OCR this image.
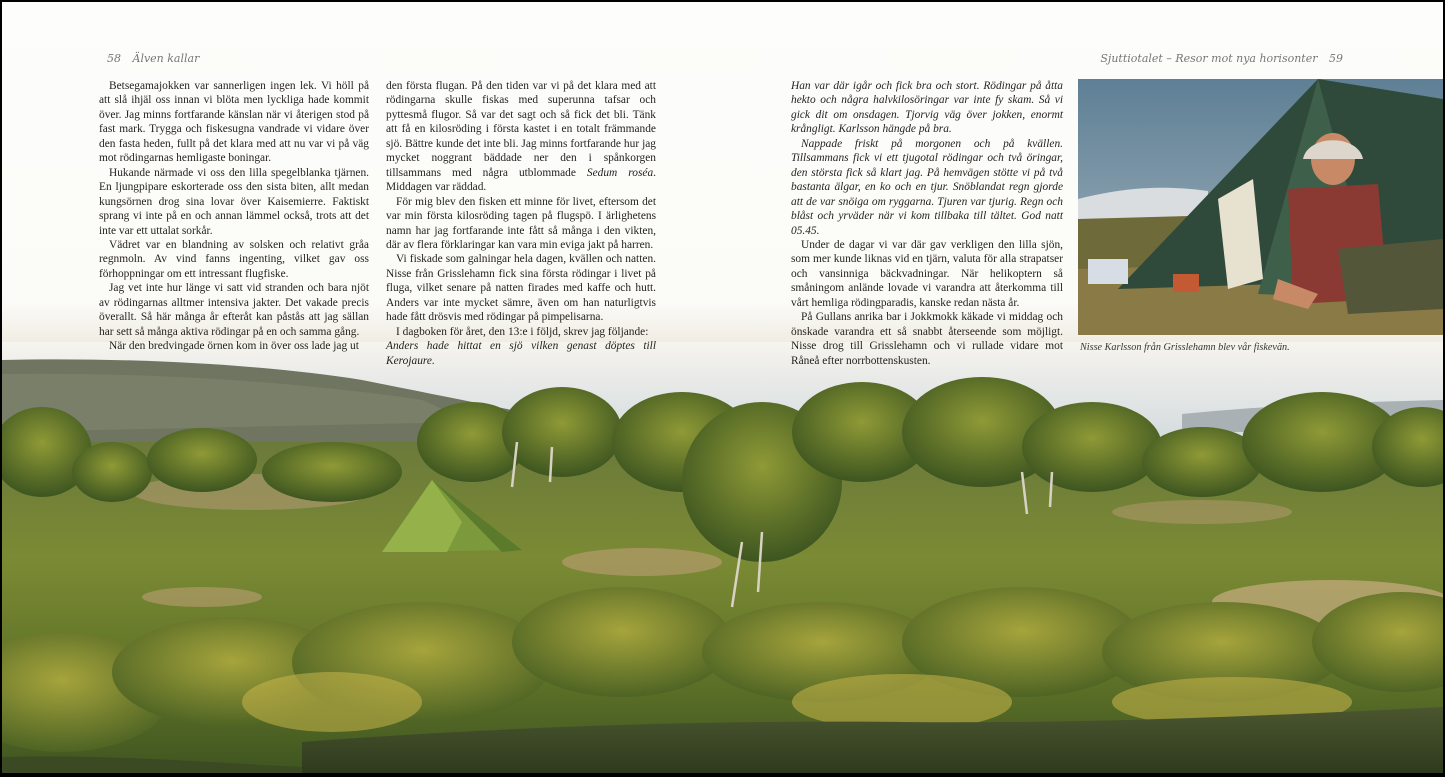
58 Älven kallar	Sjuttiotalet – Resor mot nya horisonter 59

Betsegamajokken var sannerligen ingen lek. Vi höll på att slå ihjäl oss innan vi blöta men lyckliga hade kommit över. Jag minns fortfarande känslan när vi återigen stod på fast mark. Trygga och fiskesugna vandrade vi vidare över den fasta heden, fullt på det klara med att nu var vi på väg mot rödingarnas hemligaste boningar.

Hukande närmade vi oss den lilla spegelblanka tjärnen. En ljungpipare eskorterade oss den sista biten, allt medan kungsörnen drog sina lovar över Kaisemierre. Faktiskt sprang vi inte på en och annan lämmel också, trots att det inte var ett uttalat sorkår.

Vädret var en blandning av solsken och relativt gråa regnmoln. Av vind fanns ingenting, vilket gav oss förhoppningar om ett intressant flugfiske.

Jag vet inte hur länge vi satt vid stranden och bara njöt av rödingarnas alltmer intensiva jakter. Det vakade precis överallt. Så här många år efteråt kan påstås att jag sällan har sett så många aktiva rödingar på en och samma gång.

När den bredvingade örnen kom in över oss lade jag ut

den första flugan. På den tiden var vi på det klara med att rödingarna skulle fiskas med superunna tafsar och pyttesmå flugor. Så var det sagt och så fick det bli. Tänk att få en kilosröding i första kastet i en totalt främmande sjö. Bättre kunde det inte bli. Jag minns fortfarande hur jag mycket noggrant bäddade ner den i spånkorgen tillsammans med några utblommade Sedum roséa. Middagen var räddad.

För mig blev den fisken ett minne för livet, eftersom det var min första kilosröding tagen på flugspö. I ärlighetens namn har jag fortfarande inte fått så många i den vikten, där av flera förklaringar kan vara min eviga jakt på harren.

Vi fiskade som galningar hela dagen, kvällen och natten. Nisse från Grisslehamn fick sina första rödingar i livet på fluga, vilket senare på natten firades med kaffe och hutt. Anders var inte mycket sämre, även om han naturligtvis hade fått drösvis med rödingar på pimpelisarna.

I dagboken för året, den 13:e i följd, skrev jag följande:

Anders hade hittat en sjö vilken genast döptes till Kerojaure.

Han var där igår och fick bra och stort. Rödingar på åtta hekto och några halvkilosöringar var inte fy skam. Så vi gick dit om onsdagen. Tjorvig väg över jokken, enormt krångligt. Karlsson hängde på bra.

Nappade friskt på morgonen och på kvällen. Tillsammans fick vi ett tjugotal rödingar och två öringar, den största fick så klart jag. På hemvägen stötte vi på två bastanta älgar, en ko och en tjur. Snöblandat regn gjorde att de var snöiga om ryggarna. Tjuren var tjurig. Regn och blåst och yrväder när vi kom tillbaka till tältet. God natt 05.45.

Under de dagar vi var där gav verkligen den lilla sjön, som mer kunde liknas vid en tjärn, valuta för alla strapatser och vansinniga bäckvadningar. När helikoptern så småningom anlände lovade vi varandra att återkomma till vårt hemliga rödingparadis, kanske redan nästa år.

På Gullans anrika bar i Jokkmokk käkade vi middag och önskade varandra ett så snabbt återseende som möjligt. Nisse drog till Grisslehamn och vi rullade vidare mot Råneå efter norrbottenskusten.

Nisse Karlsson från Grisslehamn blev vår fiskevän.
